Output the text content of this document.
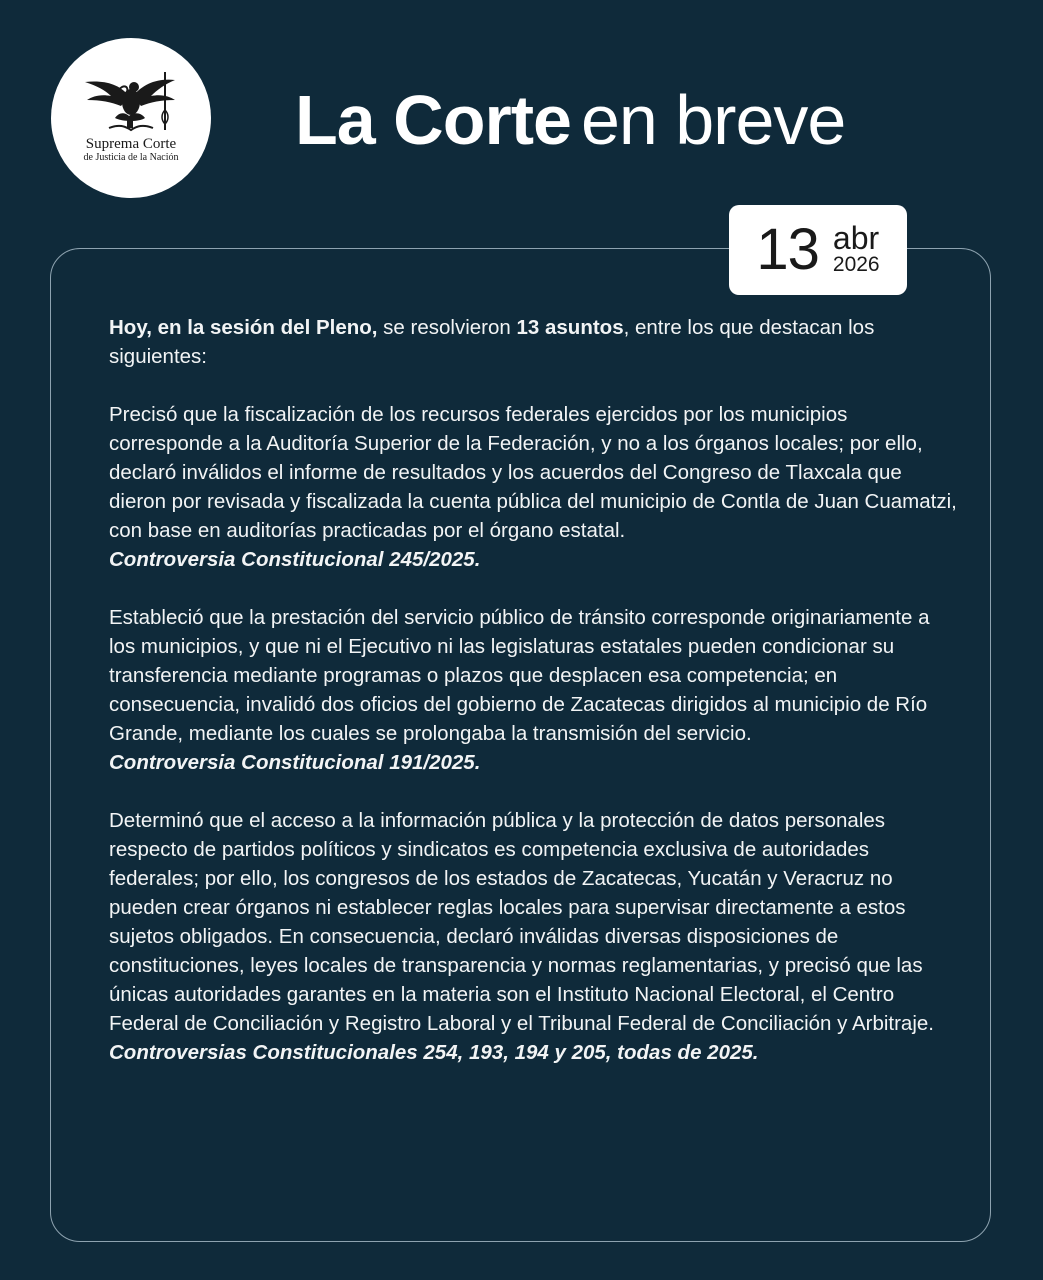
Suprema Corte
de Justicia de la Nación La Corte en breve
13 abr
2026

Hoy, en la sesión del Pleno, se resolvieron 13 asuntos, entre los que destacan los siguientes:

Precisó que la fiscalización de los recursos federales ejercidos por los municipios corresponde a la Auditoría Superior de la Federación, y no a los órganos locales; por ello, declaró inválidos el informe de resultados y los acuerdos del Congreso de Tlaxcala que dieron por revisada y fiscalizada la cuenta pública del municipio de Contla de Juan Cuamatzi, con base en auditorías practicadas por el órgano estatal.
Controversia Constitucional 245/2025.

Estableció que la prestación del servicio público de tránsito corresponde originariamente a los municipios, y que ni el Ejecutivo ni las legislaturas estatales pueden condicionar su transferencia mediante programas o plazos que desplacen esa competencia; en consecuencia, invalidó dos oficios del gobierno de Zacatecas dirigidos al municipio de Río Grande, mediante los cuales se prolongaba la transmisión del servicio.
Controversia Constitucional 191/2025.

Determinó que el acceso a la información pública y la protección de datos personales respecto de partidos políticos y sindicatos es competencia exclusiva de autoridades federales; por ello, los congresos de los estados de Zacatecas, Yucatán y Veracruz no pueden crear órganos ni establecer reglas locales para supervisar directamente a estos sujetos obligados. En consecuencia, declaró inválidas diversas disposiciones de constituciones, leyes locales de transparencia y normas reglamentarias, y precisó que las únicas autoridades garantes en la materia son el Instituto Nacional Electoral, el Centro Federal de Conciliación y Registro Laboral y el Tribunal Federal de Conciliación y Arbitraje.
Controversias Constitucionales 254, 193, 194 y 205, todas de 2025.
